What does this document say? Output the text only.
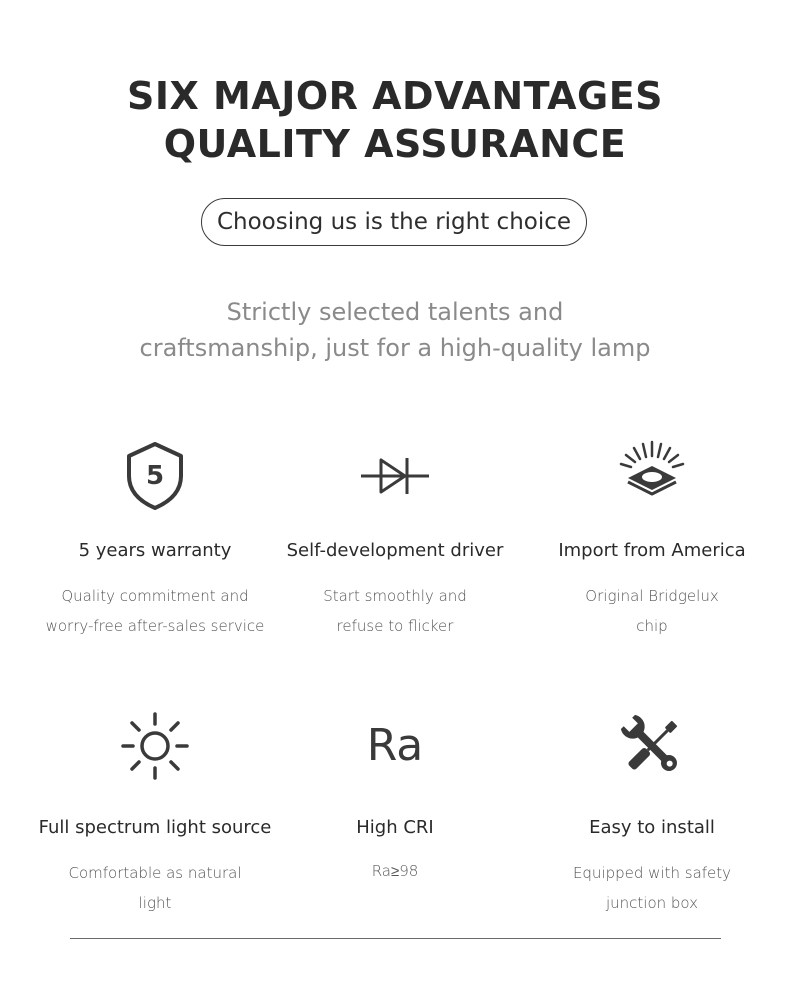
SIX MAJOR ADVANTAGES
QUALITY ASSURANCE
Choosing us is the right choice
Strictly selected talents and
craftsmanship, just for a high-quality lamp
5
5 years warranty
Quality commitment and
worry-free after-sales service
Self-development driver
Start smoothly and
refuse to flicker
Import from America
Original Bridgelux
chip
Full spectrum light source
Comfortable as natural
light
Ra
High CRI
Ra≥98
Easy to install
Equipped with safety
junction box
